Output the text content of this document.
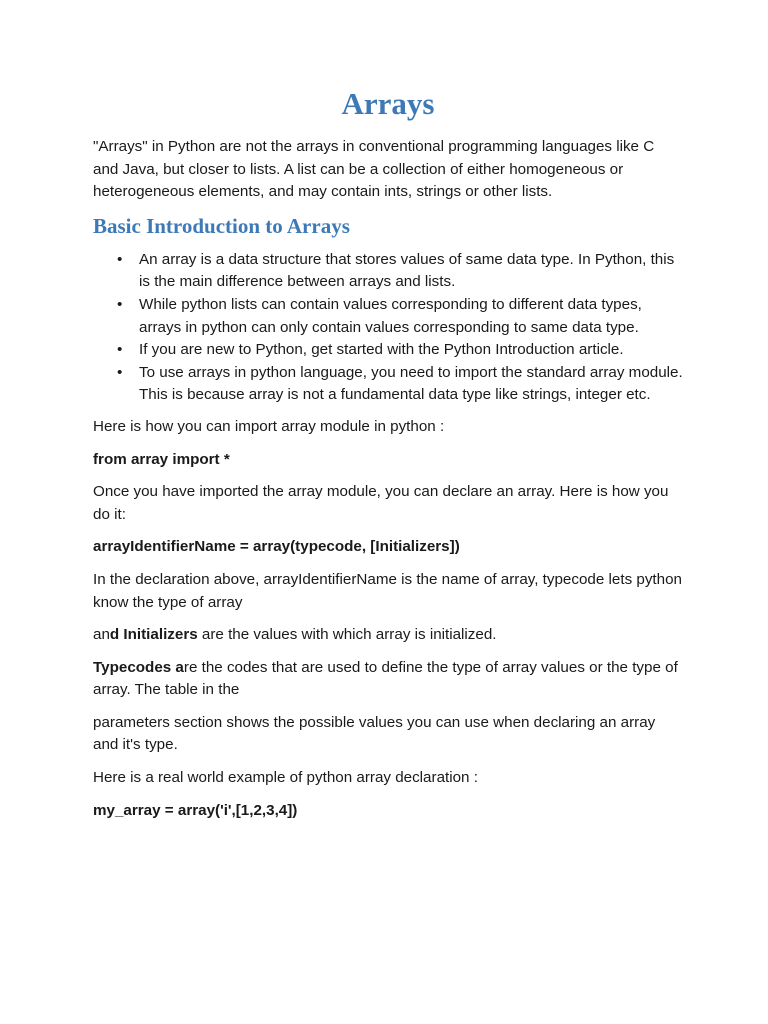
Arrays

"Arrays" in Python are not the arrays in conventional programming languages like C and Java, but closer to lists. A list can be a collection of either homogeneous or heterogeneous elements, and may contain ints, strings or other lists.

Basic Introduction to Arrays
• An array is a data structure that stores values of same data type. In Python, this is the main difference between arrays and lists.
• While python lists can contain values corresponding to different data types, arrays in python can only contain values corresponding to same data type.
• If you are new to Python, get started with the Python Introduction article.
• To use arrays in python language, you need to import the standard array module. This is because array is not a fundamental data type like strings, integer etc.

Here is how you can import array module in python :

from array import *

Once you have imported the array module, you can declare an array. Here is how you do it:

arrayIdentifierName = array(typecode, [Initializers])

In the declaration above, arrayIdentifierName is the name of array, typecode lets python know the type of array

and Initializers are the values with which array is initialized.

Typecodes are the codes that are used to define the type of array values or the type of array. The table in the

parameters section shows the possible values you can use when declaring an array and it's type.

Here is a real world example of python array declaration :

my_array = array('i',[1,2,3,4])
